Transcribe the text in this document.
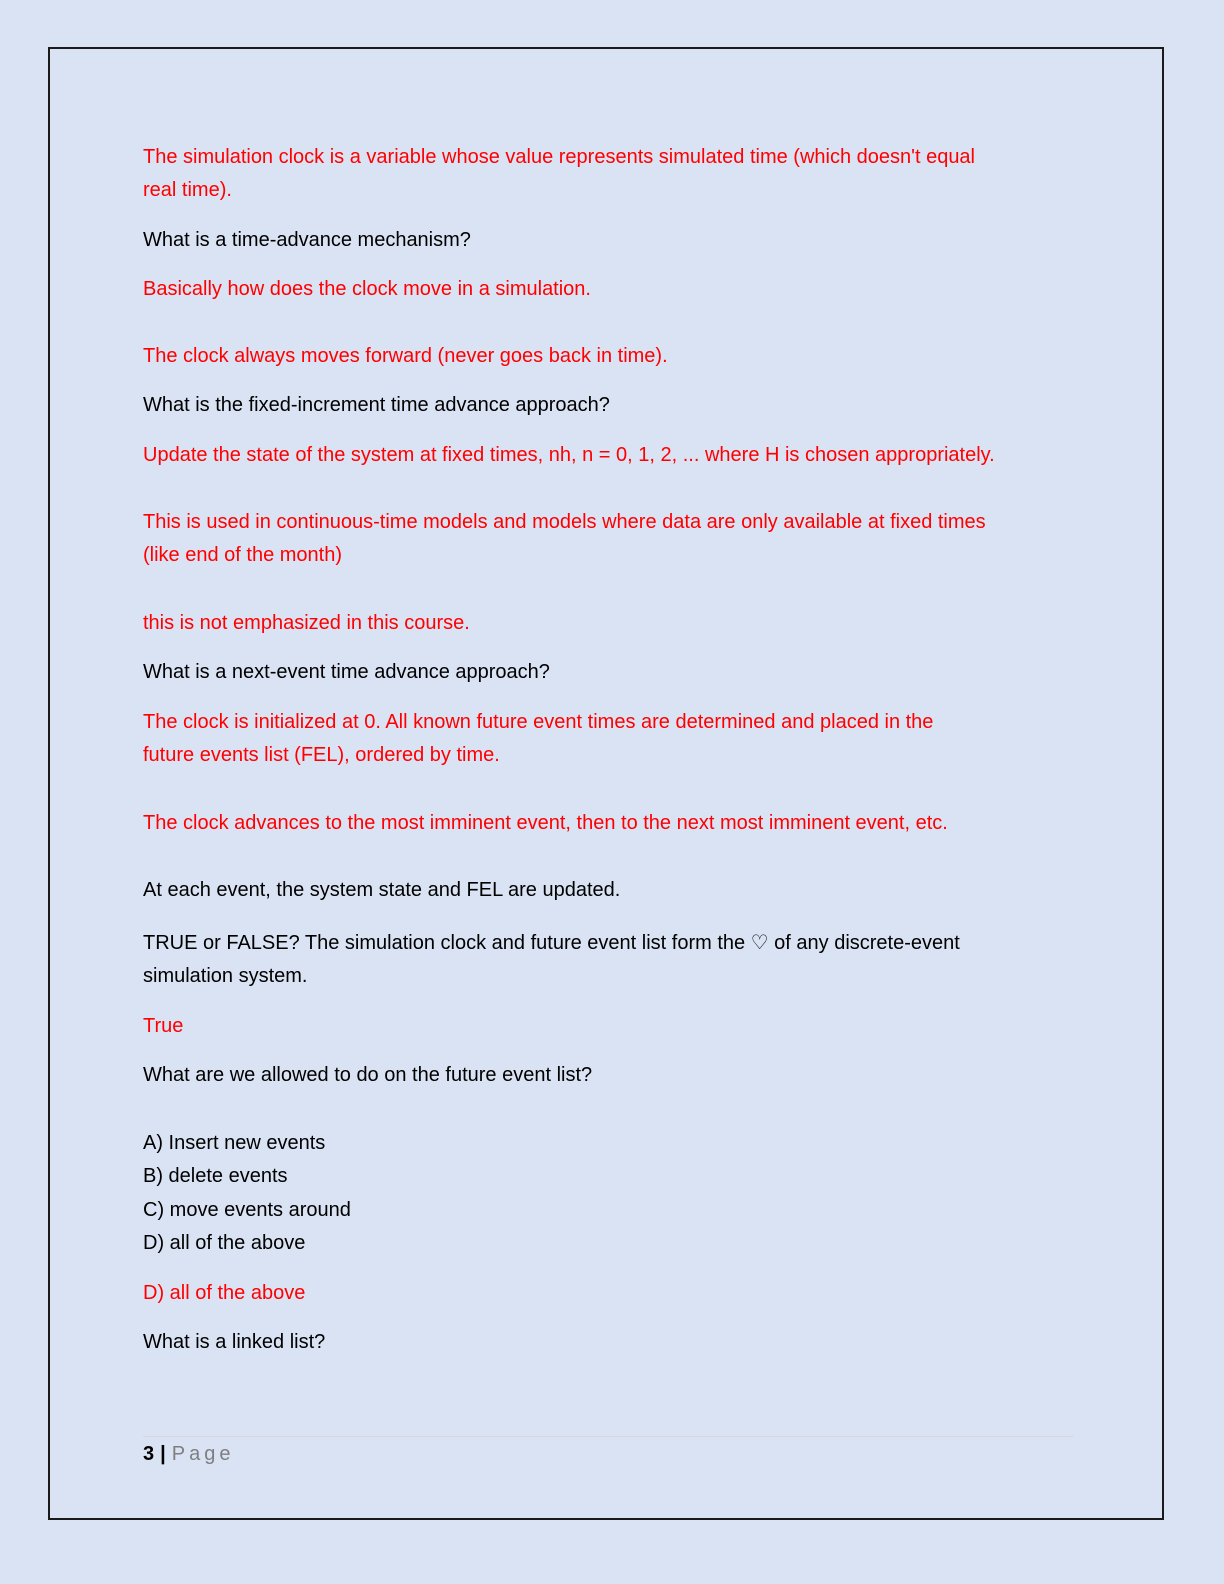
The simulation clock is a variable whose value represents simulated time (which doesn't equal
real time).
What is a time-advance mechanism?
Basically how does the clock move in a simulation.
The clock always moves forward (never goes back in time).
What is the fixed-increment time advance approach?
Update the state of the system at fixed times, nh, n = 0, 1, 2, ... where H is chosen appropriately.
This is used in continuous-time models and models where data are only available at fixed times
(like end of the month)
this is not emphasized in this course.
What is a next-event time advance approach?
The clock is initialized at 0. All known future event times are determined and placed in the
future events list (FEL), ordered by time.
The clock advances to the most imminent event, then to the next most imminent event, etc.
At each event, the system state and FEL are updated.
TRUE or FALSE? The simulation clock and future event list form the ♡ of any discrete-event
simulation system.
True
What are we allowed to do on the future event list?
A) Insert new events
B) delete events
C) move events around
D) all of the above
D) all of the above
What is a linked list?
3 | Page
